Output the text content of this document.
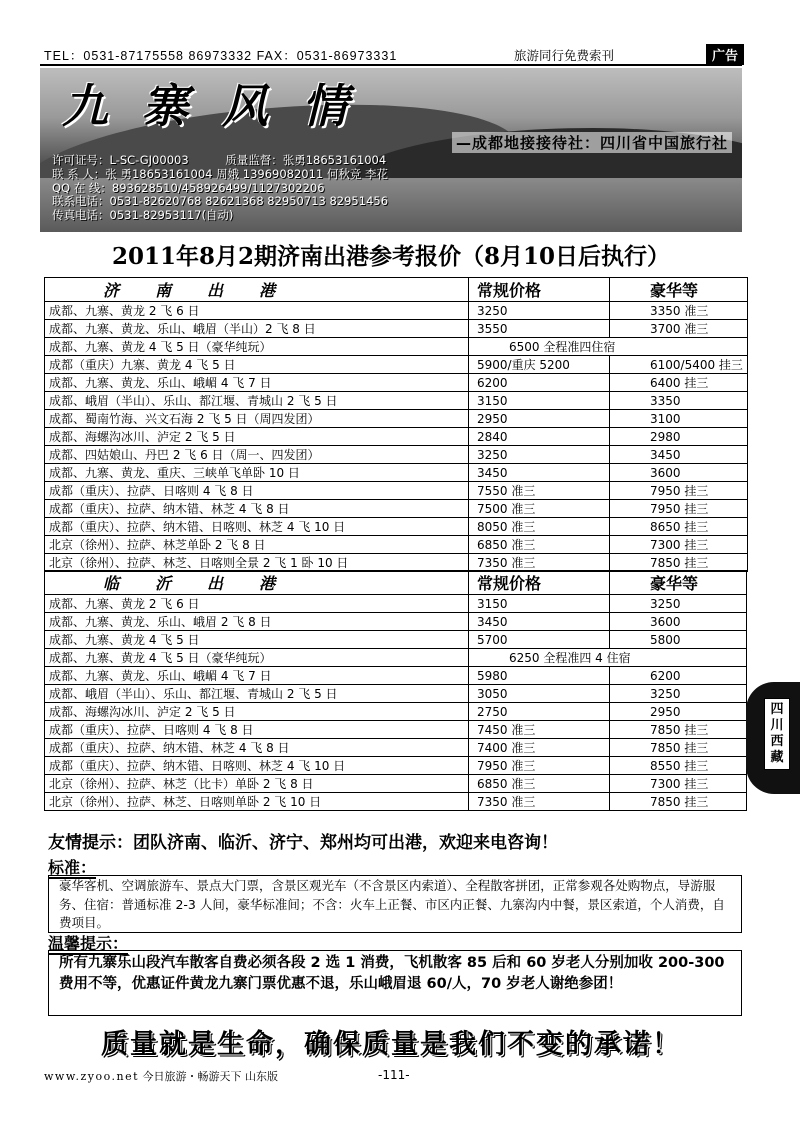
TEL：0531-87175558 86973332 FAX：0531-86973331	旅游同行免费索刊	广告
九寨风情
—成都地接接待社：四川省中国旅行社
许可证号：L-SC-GJ00003	质量监督：张勇18653161004
联 系 人：张 勇18653161004 周娥 13969082011 何秋竞 李花
QQ 在 线：893628510/458926499/1127302206
联系电话：0531-82620768 82621368 82950713 82951456
传真电话：0531-82953117(自动)
2011年8月2期济南出港参考报价（8月10日后执行）
济南出港	常规价格	豪华等
成都、九寨、黄龙 2 飞 6 日	3250	3350 准三
成都、九寨、黄龙、乐山、峨眉（半山）2 飞 8 日	3550	3700 准三
成都、九寨、黄龙 4 飞 5 日（豪华纯玩）	6500 全程准四住宿	
成都（重庆）九寨、黄龙 4 飞 5 日	5900/重庆 5200	6100/5400 挂三
成都、九寨、黄龙、乐山、峨嵋 4 飞 7 日	6200	6400 挂三
成都、峨眉（半山）、乐山、都江堰、青城山 2 飞 5 日	3150	3350
成都、蜀南竹海、兴文石海 2 飞 5 日（周四发团）	2950	3100
成都、海螺沟冰川、泸定 2 飞 5 日	2840	2980
成都、四姑娘山、丹巴 2 飞 6 日（周一、四发团）	3250	3450
成都、九寨、黄龙、重庆、三峡单飞单卧 10 日	3450	3600
成都（重庆）、拉萨、日喀则 4 飞 8 日	7550 准三	7950 挂三
成都（重庆）、拉萨、纳木错、林芝 4 飞 8 日	7500 准三	7950 挂三
成都（重庆）、拉萨、纳木错、日喀则、林芝 4 飞 10 日	8050 准三	8650 挂三
北京（徐州）、拉萨、林芝单卧 2 飞 8 日	6850 准三	7300 挂三
北京（徐州）、拉萨、林芝、日喀则全景 2 飞 1 卧 10 日	7350 准三	7850 挂三
临沂出港	常规价格	豪华等
成都、九寨、黄龙 2 飞 6 日	3150	3250
成都、九寨、黄龙、乐山、峨眉 2 飞 8 日	3450	3600
成都、九寨、黄龙 4 飞 5 日	5700	5800
成都、九寨、黄龙 4 飞 5 日（豪华纯玩）	6250 全程准四 4 住宿	
成都、九寨、黄龙、乐山、峨嵋 4 飞 7 日	5980	6200
成都、峨眉（半山）、乐山、都江堰、青城山 2 飞 5 日	3050	3250
成都、海螺沟冰川、泸定 2 飞 5 日	2750	2950
成都（重庆）、拉萨、日喀则 4 飞 8 日	7450 准三	7850 挂三
成都（重庆）、拉萨、纳木错、林芝 4 飞 8 日	7400 准三	7850 挂三
成都（重庆）、拉萨、纳木错、日喀则、林芝 4 飞 10 日	7950 准三	8550 挂三
北京（徐州）、拉萨、林芝（比卡）单卧 2 飞 8 日	6850 准三	7300 挂三
北京（徐州）、拉萨、林芝、日喀则单卧 2 飞 10 日	7350 准三	7850 挂三
友情提示：团队济南、临沂、济宁、郑州均可出港，欢迎来电咨询！
标准：
豪华客机、空调旅游车、景点大门票，含景区观光车（不含景区内索道）、全程散客拼团，正常参观各处购物点，导游服务、住宿：普通标准 2-3 人间，豪华标准间；不含：火车上正餐、市区内正餐、九寨沟内中餐，景区索道，个人消费，自费项目。
温馨提示：
所有九寨乐山段汽车散客自费必须各段 2 选 1 消费，飞机散客 85 后和 60 岁老人分别加收 200-300 费用不等，优惠证件黄龙九寨门票优惠不退，乐山峨眉退 60/人，70 岁老人谢绝参团！
质量就是生命，确保质量是我们不变的承诺！
www.zyoo.net 今日旅游・畅游天下 山东版	-111-
四川西藏
